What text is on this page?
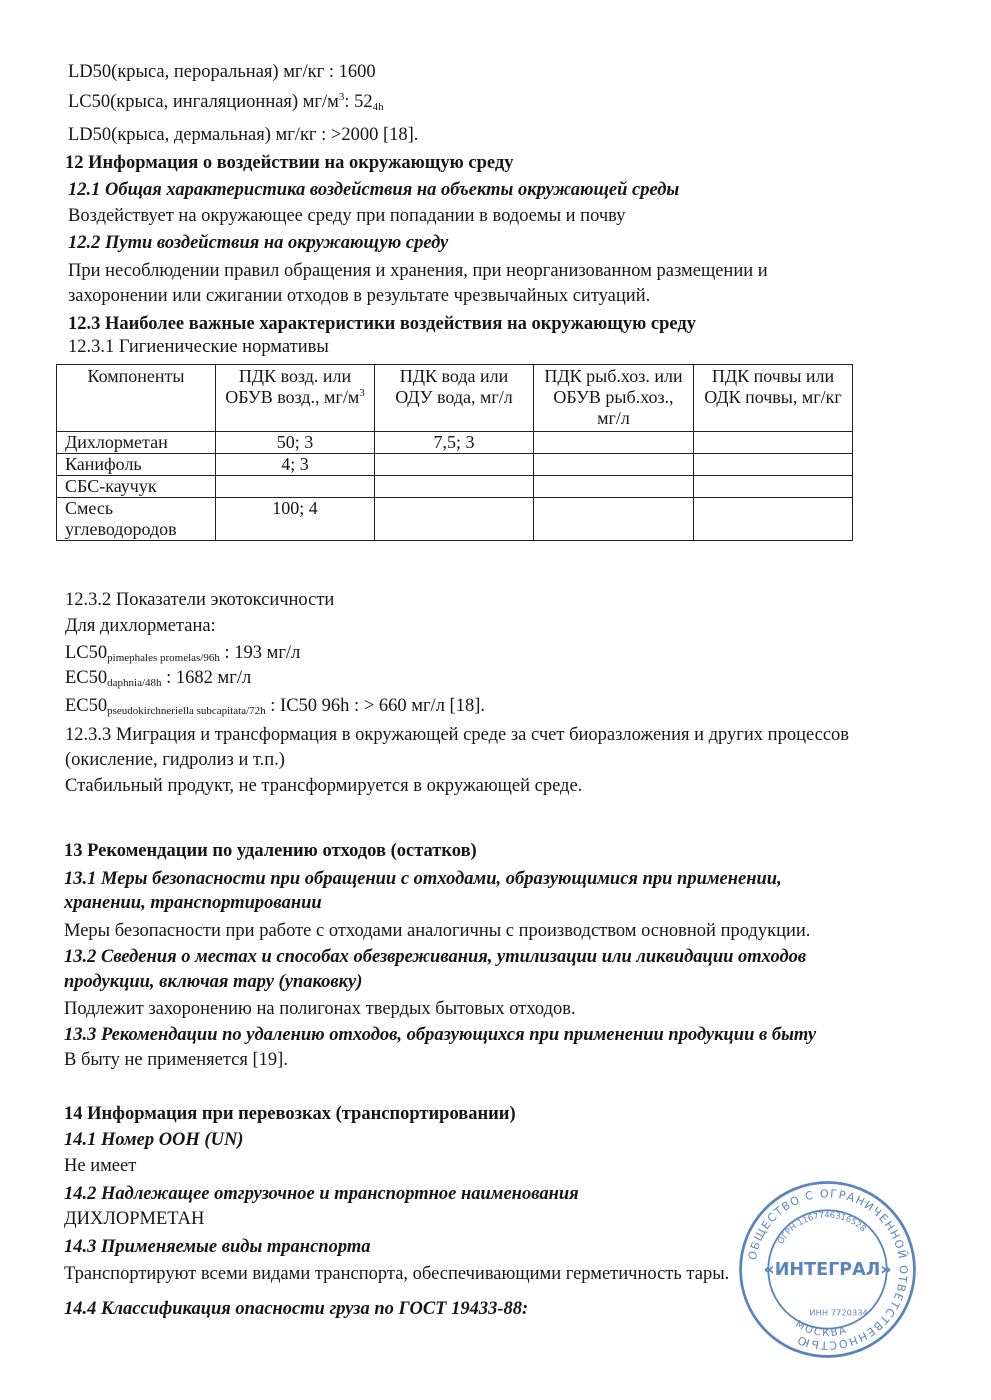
LD50(крыса, пероральная) мг/кг : 1600
LC50(крыса, ингаляционная) $мг/м^3$: $52_{4h}$
LD50(крыса, дермальная) мг/кг : >2000 [18].
12 Информация о воздействии на окружающую среду
12.1 Общая характеристика воздействия на объекты окружающей среды
Воздействует на окружающее среду при попадании в водоемы и почву
12.2 Пути воздействия на окружающую среду
При несоблюдении правил обращения и хранения, при неорганизованном размещении и
захоронении или сжигании отходов в результате чрезвычайных ситуаций.
12.3 Наиболее важные характеристики воздействия на окружающую среду
12.3.1 Гигиенические нормативы
Компоненты	ПДК возд. или ОБУВ возд., $мг/м^3$	ПДК вода или ОДУ вода, мг/л	ПДК рыб.хоз. или ОБУВ рыб.хоз., мг/л	ПДК почвы или ОДК почвы, мг/кг
Дихлорметан	50; 3	7,5; 3		
Канифоль	4; 3			
СБС-каучук				
Смесь углеводородов	100; 4			
12.3.2 Показатели экотоксичности
Для дихлорметана:
LC50pimephales promelas/96h : 193 мг/л
EC50daphnia/48h : 1682 мг/л
EC50pseudokirchneriella subcapitata/72h : IC50 96h : > 660 мг/л [18].
12.3.3 Миграция и трансформация в окружающей среде за счет биоразложения и других процессов
(окисление, гидролиз и т.п.)
Стабильный продукт, не трансформируется в окружающей среде.
13 Рекомендации по удалению отходов (остатков)
13.1 Меры безопасности при обращении с отходами, образующимися при применении,
хранении, транспортировании
Меры безопасности при работе с отходами аналогичны с производством основной продукции.
13.2 Сведения о местах и способах обезвреживания, утилизации или ликвидации отходов
продукции, включая тару (упаковку)
Подлежит захоронению на полигонах твердых бытовых отходов.
13.3 Рекомендации по удалению отходов, образующихся при применении продукции в быту
В быту не применяется [19].
14 Информация при перевозках (транспортировании)
14.1 Номер ООН (UN)
Не имеет
14.2 Надлежащее отгрузочное и транспортное наименования
ДИХЛОРМЕТАН
14.3 Применяемые виды транспорта
Транспортируют всеми видами транспорта, обеспечивающими герметичность тары.
14.4 Классификация опасности груза по ГОСТ 19433-88:
ОБЩЕСТВО С ОГРАНИЧЕННОЙ ОТВЕТСТВЕННОСТЬЮ
ОГРН 1167746316528
«ИНТЕГРАЛ»
ИНН 7720334
МОСКВА
